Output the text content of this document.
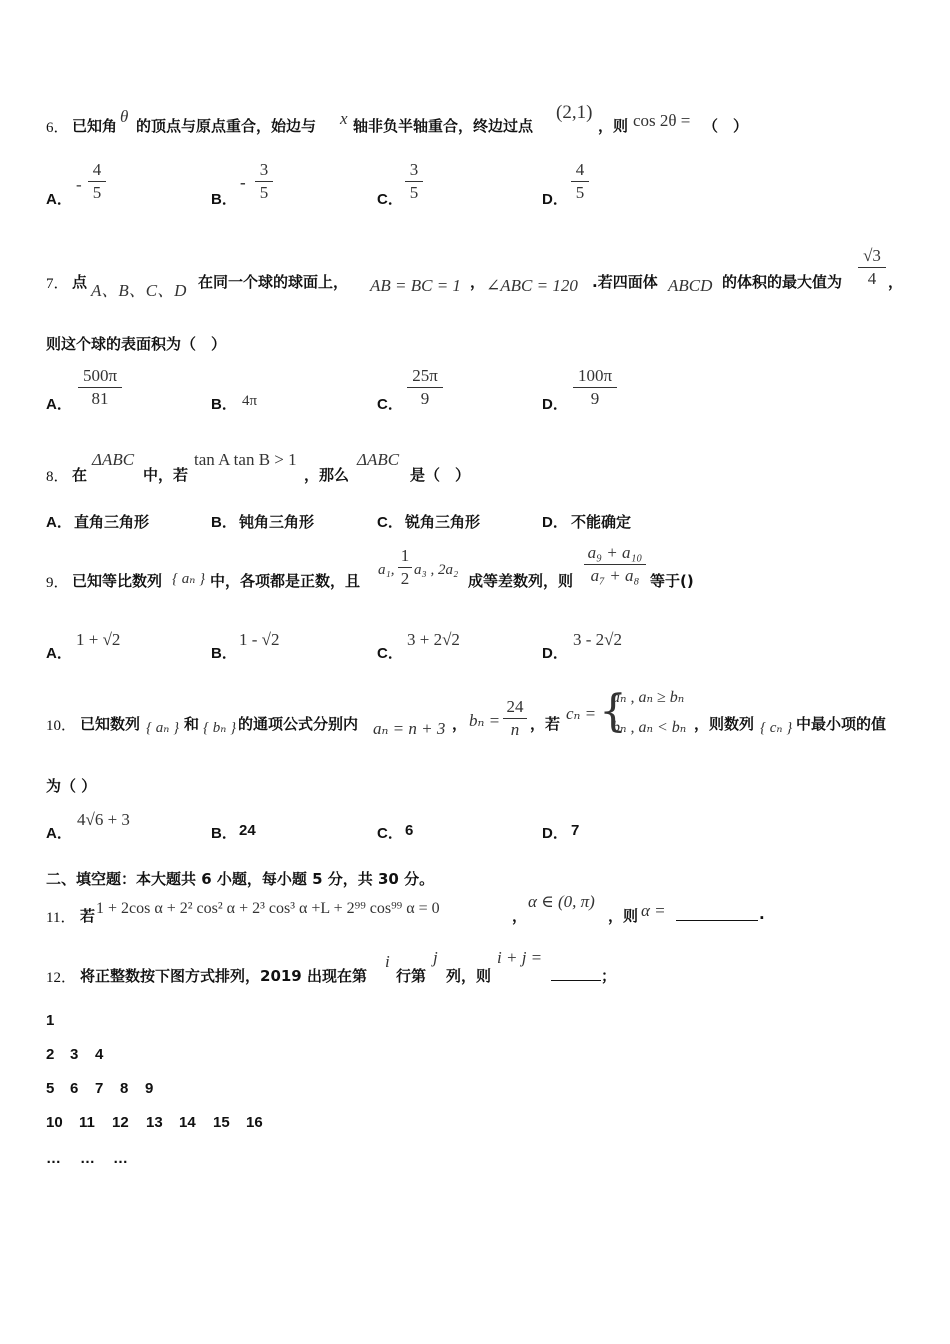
6． 已知角 θ 的顶点与原点重合，始边与 x 轴非负半轴重合，终边过点
(2,1)
，则 cos 2θ = （　）
A．
-
4
5	B．
-
3
5	C．
3
5	D．
4
5
7． 点 A、B、C、D 在同一个球的球面上， AB = BC = 1 ， ∠ABC = 120 .若四面体 ABCD 的体积的最大值为
√3
4 ，
则这个球的表面积为（　）
A．
500π
81	B． 4π	C．
25π
9	D．
100π
9
8． 在
ΔABC
中，若
tan A tan B > 1
，那么
ΔABC
是（　）
A． 直角三角形	B． 钝角三角形	C． 锐角三角形	D． 不能确定
9． 已知等比数列 { aₙ } 中，各项都是正数，且
a₁,
1
2 a₃ , 2a₂
成等差数列，则
a₉ + a₁₀
a₇ + a₈ 等于()
A．
1 + √2
B．
1 - √2
C．
3 + 2√2
D．
3 - 2√2
10． 已知数列 { aₙ } 和 { bₙ } 的通项公式分别内 aₙ = n + 3 ， bₙ =
24
n ，若
cₙ = {
aₙ , aₙ ≥ bₙ
bₙ , aₙ < bₙ ，则数列 { cₙ } 中最小项的值
为（ ）
A．
4√6 + 3
B． 24	C． 6	D． 7
二、填空题：本大题共 6 小题，每小题 5 分，共 30 分。
11． 若 1 + 2cos α + 2² cos² α + 2³ cos³ α +L + 2⁹⁹ cos⁹⁹ α = 0	，
α ∈ (0, π)
，则 α =	.
12． 将正整数按下图方式排列，2019 出现在第
i
行第
j
列，则
i + j =
；
1
2 3 4
5 6 7 8 9
10 11 12 13 14 15 16
… … …
